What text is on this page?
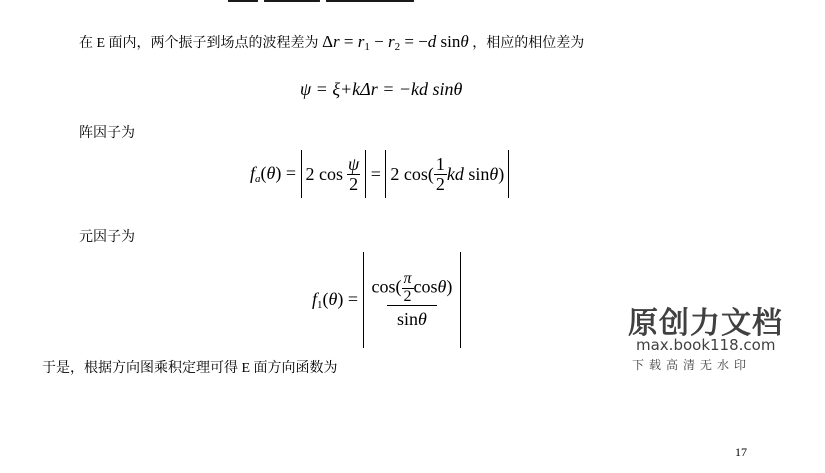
在 E 面内，两个振子到场点的波程差为 $\Delta r = r_1 - r_2 = -d$ sinθ ，相应的相位差为
ψ = ξ+kΔr = −kd sinθ
阵因子为
$f_a(\theta) = 2$ $\cos \frac{\psi}{2} = 2$ $\cos( \frac{1}{2}$ kd sin θ )
元因子为
$f_1(\theta) = \frac{\cos( \frac{\pi}{2} \cos\theta)}{\sin\theta}$
于是，根据方向图乘积定理可得 E 面方向函数为
原创力文档
max.book118.com
下载高清无水印
17
